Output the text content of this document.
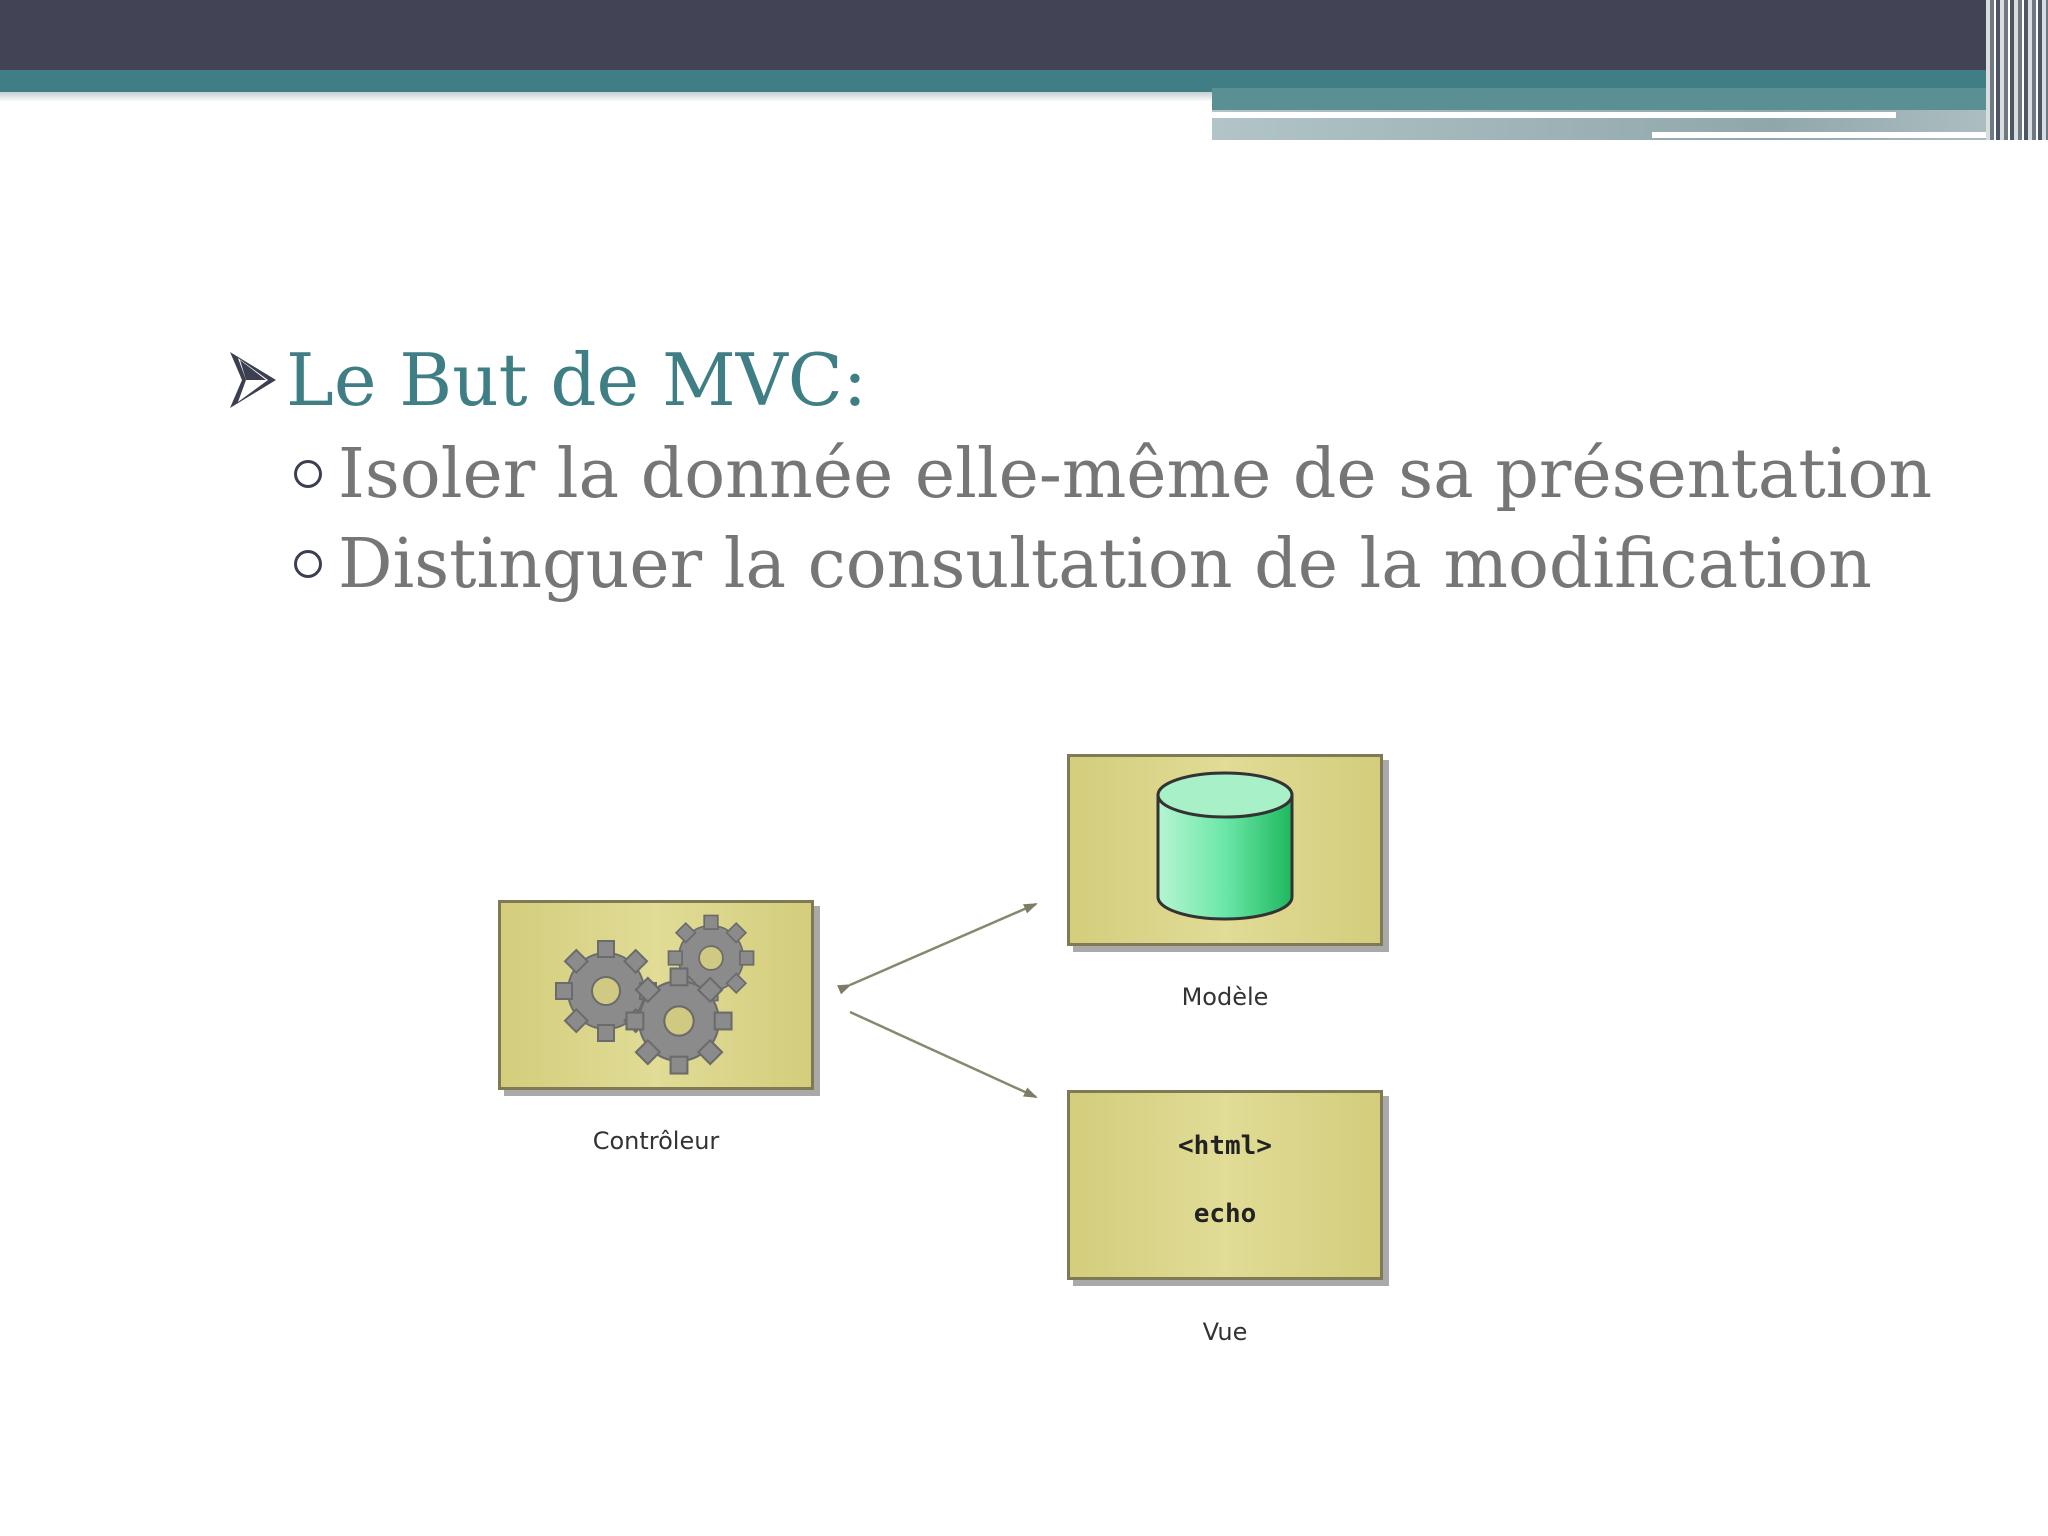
Le But de MVC:
Isoler la donnée elle-même de sa présentation
Distinguer la consultation de la modification
Contrôleur
Modèle
<html>
echo
Vue
